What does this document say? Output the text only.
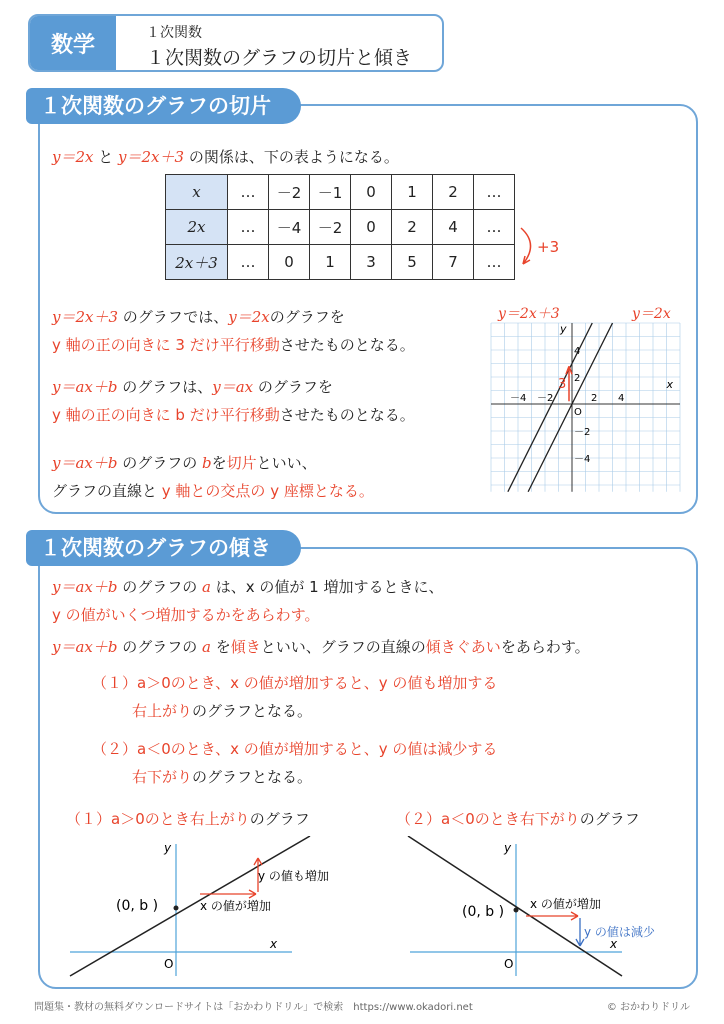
数学	１次関数
１次関数のグラフの切片と傾き
１次関数のグラフの切片
y＝2x と y＝2x＋3 の関係は、下の表ようになる。
x	…	－2	－1	0	1	2	…
2x	…	－4	－2	0	2	4	…
2x＋3	…	0	1	3	5	7	…
+3
y＝2x＋3 のグラフでは、y＝2xのグラフを
y 軸の正の向きに 3 だけ平行移動させたものとなる。
y＝ax＋b のグラフは、y＝ax のグラフを
y 軸の正の向きに b だけ平行移動させたものとなる。
y＝ax＋b のグラフの bを切片といい、
グラフの直線と y 軸との交点の y 座標となる。
y＝2x＋3	y＝2x
3
－4 －2	2 4
4
2
－2
－4
O
x
y
１次関数のグラフの傾き
y＝ax＋b のグラフの a は、x の値が 1 増加するときに、
y の値がいくつ増加するかをあらわす。
y＝ax＋b のグラフの a を傾きといい、グラフの直線の傾きぐあいをあらわす。
（１）a＞0のとき、x の値が増加すると、y の値も増加する
右上がりのグラフとなる。
（２）a＜0のとき、x の値が増加すると、y の値は減少する
右下がりのグラフとなる。
（１）a＞0のとき右上がりのグラフ	（２）a＜0のとき右下がりのグラフ
(0, b )	x の値が増加
y の値も増加
x
y
O
(0, b ) x の値が増加
y の値は減少
x
y
O
問題集・教材の無料ダウンロードサイトは「おかわりドリル」で検索　https://www.okadori.net	© おかわりドリル
